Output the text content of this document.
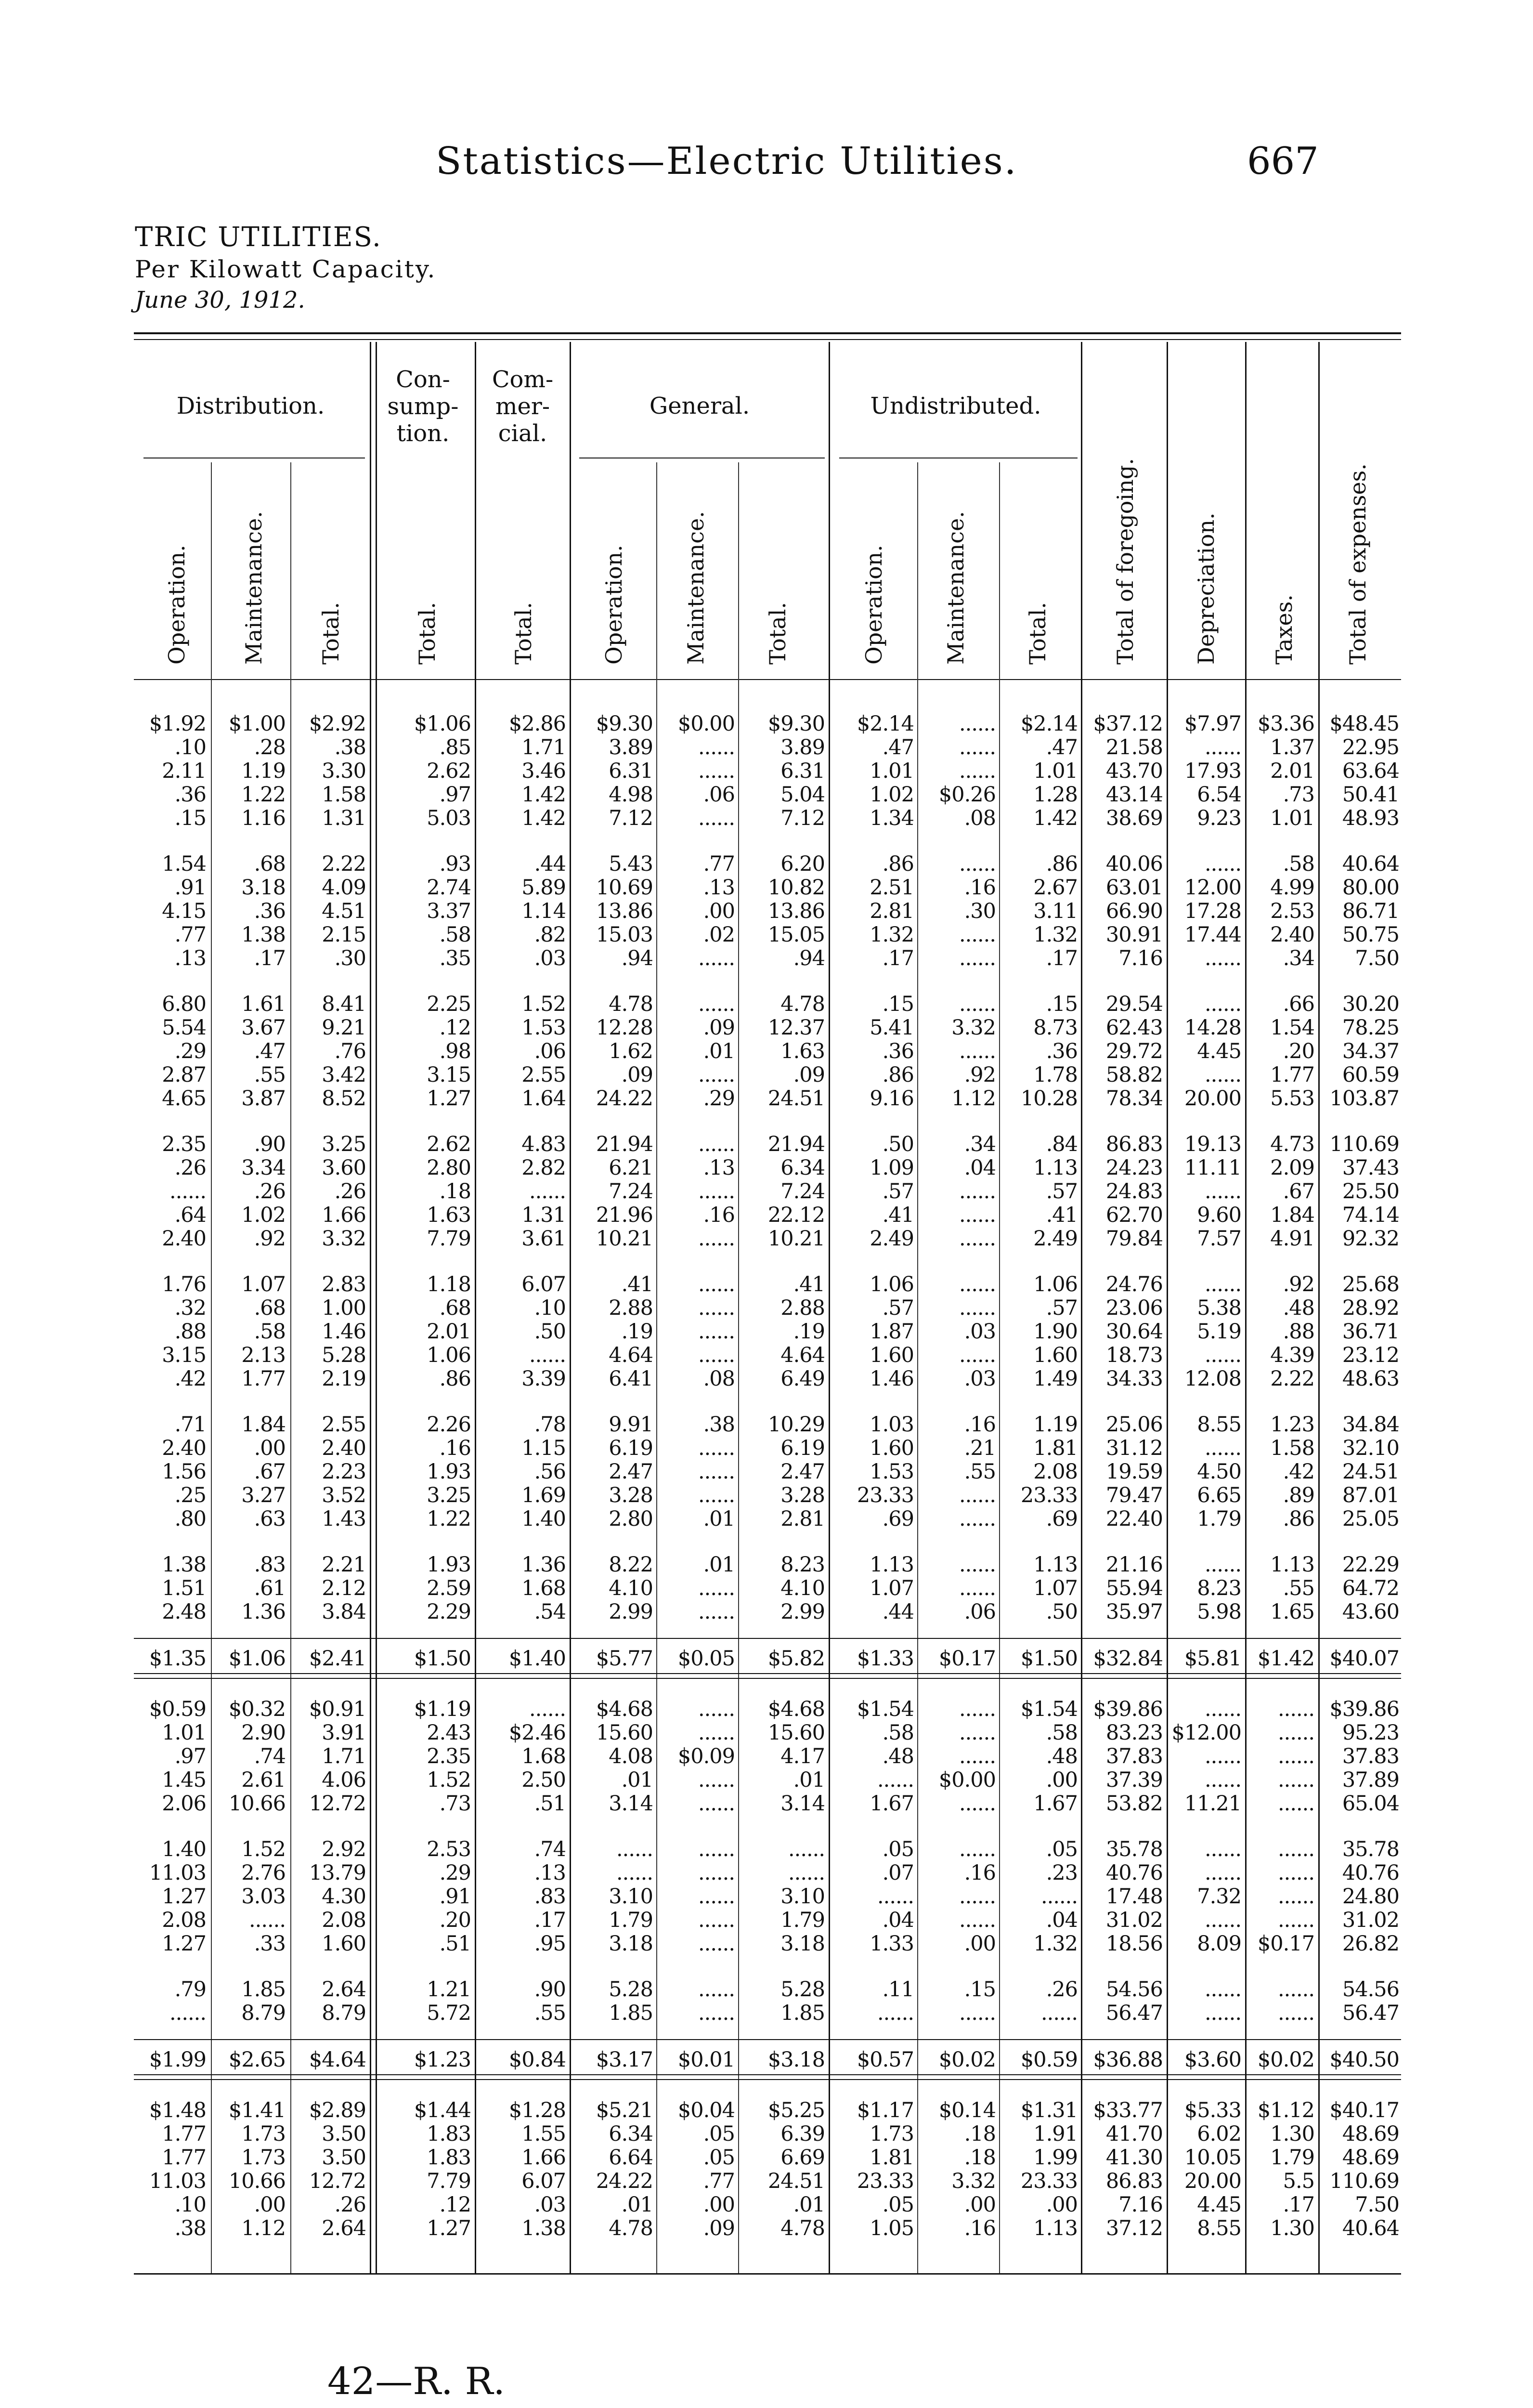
Statistics—Electric Utilities.	667
TRIC UTILITIES.
Per Kilowatt Capacity.
June 30, 1912.
Distribution.
Con-
sump-
tion.
Com-
mer-
cial.
General.	Undistributed.
Operation. Maintenance. Total.	Total.	Total.	Operation.	Maintenance.	Total.	Operation.	Maintenance.	Total.	Total of foregoing. Depreciation. Taxes. Total of expenses.
$1.92	$1.00	$2.92	$1.06	$2.86	$9.30	$0.00	$9.30	$2.14	......	$2.14 $37.12	$7.97 $3.36 $48.45
.10	.28	.38	.85	1.71	3.89	......	3.89	.47	......	.47	21.58	......	1.37	22.95
2.11	1.19	3.30	2.62	3.46	6.31	......	6.31	1.01	......	1.01	43.70	17.93	2.01	63.64
.36	1.22	1.58	.97	1.42	4.98	.06	5.04	1.02	$0.26	1.28	43.14	6.54	.73	50.41
.15	1.16	1.31	5.03	1.42	7.12	......	7.12	1.34	.08	1.42	38.69	9.23	1.01	48.93
1.54	.68	2.22	.93	.44	5.43	.77	6.20	.86	......	.86	40.06	......	.58	40.64
.91	3.18	4.09	2.74	5.89	10.69	.13	10.82	2.51	.16	2.67	63.01	12.00	4.99	80.00
4.15	.36	4.51	3.37	1.14	13.86	.00	13.86	2.81	.30	3.11	66.90	17.28	2.53	86.71
.77	1.38	2.15	.58	.82	15.03	.02	15.05	1.32	......	1.32	30.91	17.44	2.40	50.75
.13	.17	.30	.35	.03	.94	......	.94	.17	......	.17	7.16	......	.34	7.50
6.80	1.61	8.41	2.25	1.52	4.78	......	4.78	.15	......	.15	29.54	......	.66	30.20
5.54	3.67	9.21	.12	1.53	12.28	.09	12.37	5.41	3.32	8.73	62.43	14.28	1.54	78.25
.29	.47	.76	.98	.06	1.62	.01	1.63	.36	......	.36	29.72	4.45	.20	34.37
2.87	.55	3.42	3.15	2.55	.09	......	.09	.86	.92	1.78	58.82	......	1.77	60.59
4.65	3.87	8.52	1.27	1.64	24.22	.29	24.51	9.16	1.12	10.28	78.34	20.00	5.53 103.87
2.35	.90	3.25	2.62	4.83	21.94	......	21.94	.50	.34	.84	86.83	19.13	4.73 110.69
.26	3.34	3.60	2.80	2.82	6.21	.13	6.34	1.09	.04	1.13	24.23	11.11	2.09	37.43
......	.26	.26	.18	......	7.24	......	7.24	.57	......	.57	24.83	......	.67	25.50
.64	1.02	1.66	1.63	1.31	21.96	.16	22.12	.41	......	.41	62.70	9.60	1.84	74.14
2.40	.92	3.32	7.79	3.61	10.21	......	10.21	2.49	......	2.49	79.84	7.57	4.91	92.32
1.76	1.07	2.83	1.18	6.07	.41	......	.41	1.06	......	1.06	24.76	......	.92	25.68
.32	.68	1.00	.68	.10	2.88	......	2.88	.57	......	.57	23.06	5.38	.48	28.92
.88	.58	1.46	2.01	.50	.19	......	.19	1.87	.03	1.90	30.64	5.19	.88	36.71
3.15	2.13	5.28	1.06	......	4.64	......	4.64	1.60	......	1.60	18.73	......	4.39	23.12
.42	1.77	2.19	.86	3.39	6.41	.08	6.49	1.46	.03	1.49	34.33	12.08	2.22	48.63
.71	1.84	2.55	2.26	.78	9.91	.38	10.29	1.03	.16	1.19	25.06	8.55	1.23	34.84
2.40	.00	2.40	.16	1.15	6.19	......	6.19	1.60	.21	1.81	31.12	......	1.58	32.10
1.56	.67	2.23	1.93	.56	2.47	......	2.47	1.53	.55	2.08	19.59	4.50	.42	24.51
.25	3.27	3.52	3.25	1.69	3.28	......	3.28	23.33	......	23.33	79.47	6.65	.89	87.01
.80	.63	1.43	1.22	1.40	2.80	.01	2.81	.69	......	.69	22.40	1.79	.86	25.05
1.38	.83	2.21	1.93	1.36	8.22	.01	8.23	1.13	......	1.13	21.16	......	1.13	22.29
1.51	.61	2.12	2.59	1.68	4.10	......	4.10	1.07	......	1.07	55.94	8.23	.55	64.72
2.48	1.36	3.84	2.29	.54	2.99	......	2.99	.44	.06	.50	35.97	5.98	1.65	43.60
$1.35	$1.06	$2.41	$1.50	$1.40	$5.77	$0.05	$5.82	$1.33	$0.17	$1.50 $32.84	$5.81 $1.42 $40.07
$0.59	$0.32	$0.91	$1.19	......	$4.68	......	$4.68	$1.54	......	$1.54 $39.86	......	...... $39.86
1.01	2.90	3.91	2.43	$2.46	15.60	......	15.60	.58	......	.58	83.23 $12.00	......	95.23
.97	.74	1.71	2.35	1.68	4.08	$0.09	4.17	.48	......	.48	37.83	......	......	37.83
1.45	2.61	4.06	1.52	2.50	.01	......	.01	......	$0.00	.00	37.39	......	......	37.89
2.06	10.66	12.72	.73	.51	3.14	......	3.14	1.67	......	1.67	53.82	11.21	......	65.04
1.40	1.52	2.92	2.53	.74	......	......	......	.05	......	.05	35.78	......	......	35.78
11.03	2.76	13.79	.29	.13	......	......	......	.07	.16	.23	40.76	......	......	40.76
1.27	3.03	4.30	.91	.83	3.10	......	3.10	......	......	......	17.48	7.32	......	24.80
2.08	......	2.08	.20	.17	1.79	......	1.79	.04	......	.04	31.02	......	......	31.02
1.27	.33	1.60	.51	.95	3.18	......	3.18	1.33	.00	1.32	18.56	8.09 $0.17	26.82
.79	1.85	2.64	1.21	.90	5.28	......	5.28	.11	.15	.26	54.56	......	......	54.56
......	8.79	8.79	5.72	.55	1.85	......	1.85	......	......	......	56.47	......	......	56.47
$1.99	$2.65	$4.64	$1.23	$0.84	$3.17	$0.01	$3.18	$0.57	$0.02	$0.59 $36.88	$3.60 $0.02 $40.50
$1.48	$1.41	$2.89	$1.44	$1.28	$5.21	$0.04	$5.25	$1.17	$0.14	$1.31 $33.77	$5.33 $1.12 $40.17
1.77	1.73	3.50	1.83	1.55	6.34	.05	6.39	1.73	.18	1.91	41.70	6.02	1.30	48.69
1.77	1.73	3.50	1.83	1.66	6.64	.05	6.69	1.81	.18	1.99	41.30	10.05	1.79	48.69
11.03	10.66	12.72	7.79	6.07	24.22	.77	24.51	23.33	3.32	23.33	86.83	20.00	5.5 110.69
.10	.00	.26	.12	.03	.01	.00	.01	.05	.00	.00	7.16	4.45	.17	7.50
.38	1.12	2.64	1.27	1.38	4.78	.09	4.78	1.05	.16	1.13	37.12	8.55	1.30	40.64
42—R. R.
